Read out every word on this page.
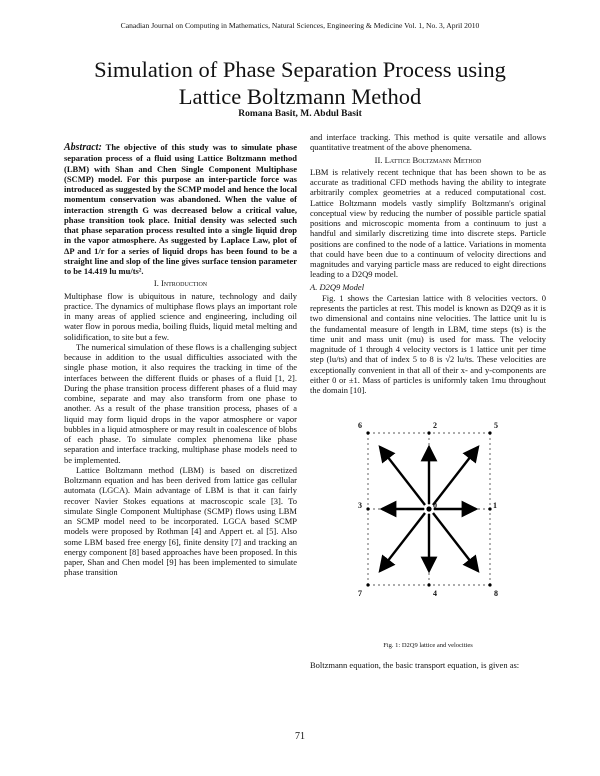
Canadian Journal on Computing in Mathematics, Natural Sciences, Engineering & Medicine Vol. 1, No. 3, April 2010
Simulation of Phase Separation Process using
Lattice Boltzmann Method
Romana Basit, M. Abdul Basit

Abstract: The objective of this study was to simulate phase separation process of a fluid using Lattice Boltzmann method (LBM) with Shan and Chen Single Component Multiphase (SCMP) model. For this purpose an inter-particle force was introduced as suggested by the SCMP model and hence the local momentum conservation was abandoned. When the value of interaction strength G was decreased below a critical value, phase transition took place. Initial density was selected such that phase separation process resulted into a single liquid drop in the vapor atmosphere. As suggested by Laplace Law, plot of ΔP and 1/r for a series of liquid drops has been found to be a straight line and slop of the line gives surface tension parameter to be 14.419 lu mu/ts².

I. Introduction

Multiphase flow is ubiquitous in nature, technology and daily practice. The dynamics of multiphase flows plays an important role in many areas of applied science and engineering, including oil water flow in porous media, boiling fluids, liquid metal melting and solidification, to site but a few.

The numerical simulation of these flows is a challenging subject because in addition to the usual difficulties associated with the single phase motion, it also requires the tracking in time of the interfaces between the different fluids or phases of a fluid [1, 2]. During the phase transition process different phases of a fluid may combine, separate and may also transform from one phase to another. As a result of the phase transition process, phases of a liquid may form liquid drops in the vapor atmosphere or vapor bubbles in a liquid atmosphere or may result in coalescence of blobs of each phase. To simulate complex phenomena like phase separation and interface tracking, multiphase phase models need to be implemented.

Lattice Boltzmann method (LBM) is based on discretized Boltzmann equation and has been derived from lattice gas cellular automata (LGCA). Main advantage of LBM is that it can fairly recover Navier Stokes equations at macroscopic scale [3]. To simulate Single Component Multiphase (SCMP) flows using LBM an SCMP model need to be incorporated. LGCA based SCMP models were proposed by Rothman [4] and Appert et. al [5]. Also some LBM based free energy [6], finite density [7] and tracking an energy component [8] based approaches have been proposed. In this paper, Shan and Chen model [9] has been implemented to simulate phase transition

and interface tracking. This method is quite versatile and allows quantitative treatment of the above phenomena.

II. Lattice Boltzmann Method

LBM is relatively recent technique that has been shown to be as accurate as traditional CFD methods having the ability to integrate arbitrarily complex geometries at a reduced computational cost. Lattice Boltzmann models vastly simplify Boltzmann's original conceptual view by reducing the number of possible particle spatial positions and microscopic momenta from a continuum to just a handful and similarly discretizing time into discrete steps. Particle positions are confined to the node of a lattice. Variations in momenta that could have been due to a continuum of velocity directions and magnitudes and varying particle mass are reduced to eight directions leading to a D2Q9 model.

A. D2Q9 Model

Fig. 1 shows the Cartesian lattice with 8 velocities vectors. 0 represents the particles at rest. This model is known as D2Q9 as it is two dimensional and contains nine velocities. The lattice unit lu is the fundamental measure of length in LBM, time steps (ts) is the time unit and mass unit (mu) is used for mass. The velocity magnitude of 1 through 4 velocity vectors is 1 lattice unit per time step (lu/ts) and that of index 5 to 8 is √2 lu/ts. These velocities are exceptionally convenient in that all of their x- and y-components are either 0 or ±1. Mass of particles is uniformly taken 1mu throughout the domain [10].

0	1
2
3
4
5
6
7	8
Fig. 1: D2Q9 lattice and velocities

Boltzmann equation, the basic transport equation, is given as:

71
